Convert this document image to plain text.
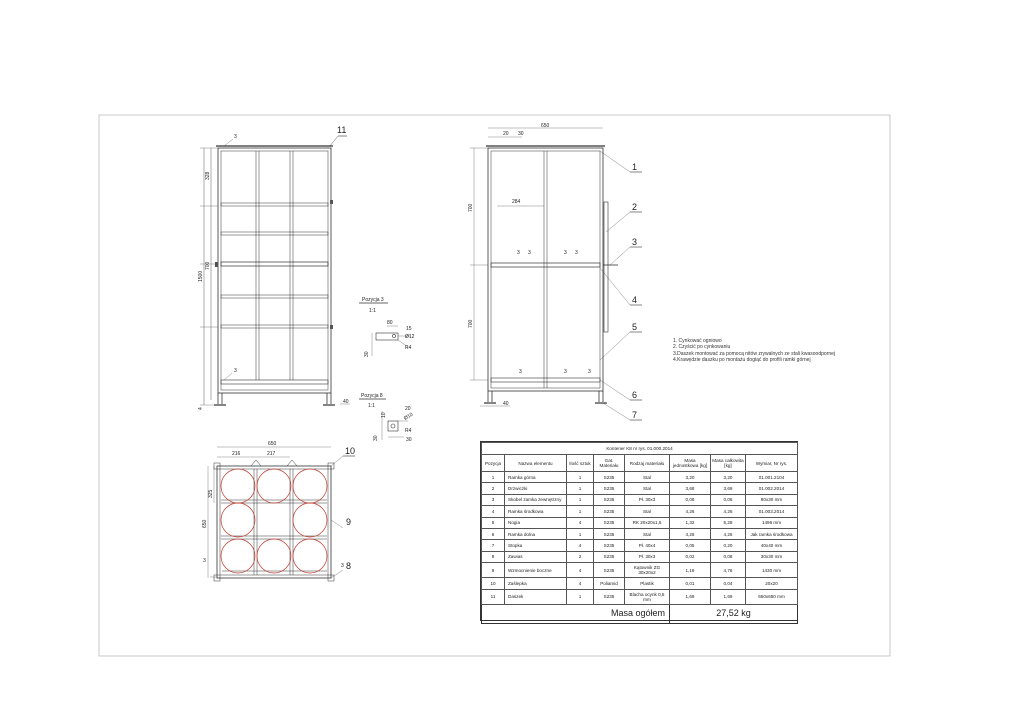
11
3
328
700
1500
4
3
40
Pozycja 3
1:1
80
15
Ø12
R4
30
Pozycja 8
1:1	20
Ø10
10
R4
30	30
20 30
650
284
700
700
40
3 3	3 3
3	3	3
1
2
3
4
5
6
7
10
650
216	217
325
650
3
3
9
8
1. Cynkować ogniowo
2. Czyścić po cynkowaniu
3.Daszek montować za pomocą nitów zrywalnych ze stali kwasoodpornej
4.Krawędzie daszku po montażu dogiąć do profili ramki górnej
Kontener K8 nr rys. 01.000.2014							
Pozycja	Nazwa elementu	Ilość sztuk	Gat. Materiału	Rodzaj materiału	Masa jednostkowa [kg]	Masa całkowita [kg]	Wymiar, Nr rys.
1	Ramka górna	1	S235	Stal	3,20	3,20	01.001.2104
2	Drzwiczki	1	S235	Stal	3,68	3,69	01.002.2014
3	Skobel zamka zewnętrzny	1	S235	Pł. 30x3	0,06	0,06	80x30 mm
4	Ramka środkowa	1	S235	Stal	4,26	4,26	01.003.2014
5	Nogia	4	S235	RK 20x20x1,5	1,32	5,28	1496 mm
6	Ramka dolna	1	S235	Stal	4,26	4,26	Jak ramka środkowa
7	Stopka	4	S235	Pł. 40x4	0,05	0,20	40x40 mm
8	Zawias	2	S235	Pł. 30x3	0,02	0,08	30x30 mm
9	Wzmocnienie boczne	4	S235	Kątownik ZG 30x20x2	1,19	4,76	1430 mm
10	Zaślepka	4	Poliamid	Plastik	0,01	0,04	20x20
11	Daszek	1	S235	Blacha ocynk 0,5 mm	1,69	1,69	650x650 mm
Masa ogółem					27,52 kg		
